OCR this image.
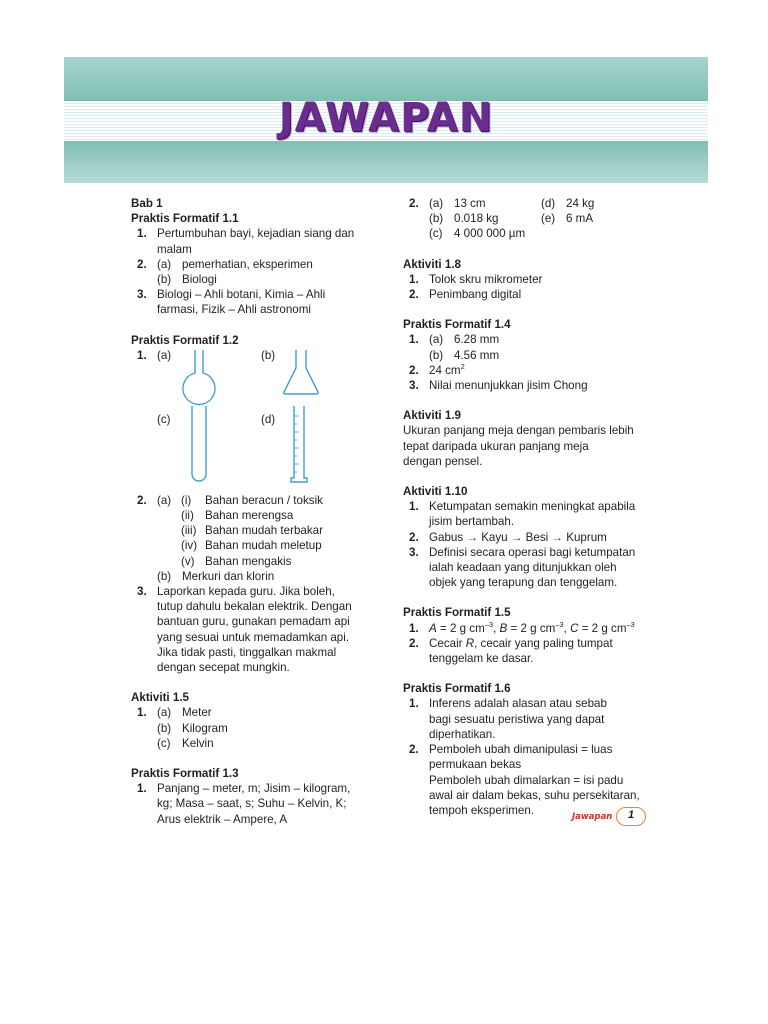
JAWAPAN
Bab 1
Praktis Formatif 1.1
1. Pertumbuhan bayi, kejadian siang dan
malam
2. (a) pemerhatian, eksperimen
(b) Biologi
3. Biologi – Ahli botani, Kimia – Ahli
farmasi, Fizik – Ahli astronomi
Praktis Formatif 1.2
1. (a)	(b)
(c)	(d)
2. (a) (i) Bahan beracun / toksik
(ii) Bahan merengsa
(iii) Bahan mudah terbakar
(iv) Bahan mudah meletup
(v) Bahan mengakis
(b) Merkuri dan klorin
3. Laporkan kepada guru. Jika boleh,
tutup dahulu bekalan elektrik. Dengan
bantuan guru, gunakan pemadam api
yang sesuai untuk memadamkan api.
Jika tidak pasti, tinggalkan makmal
dengan secepat mungkin.
Aktiviti 1.5
1. (a) Meter
(b) Kilogram
(c) Kelvin
Praktis Formatif 1.3
1. Panjang – meter, m; Jisim – kilogram,
kg; Masa – saat, s; Suhu – Kelvin, K;
Arus elektrik – Ampere, A
2. (a) 13 cm	(d) 24 kg
(b) 0.018 kg	(e) 6 mA
(c) 4 000 000 µm
Aktiviti 1.8
1. Tolok skru mikrometer
2. Penimbang digital
Praktis Formatif 1.4
1. (a) 6.28 mm
(b) 4.56 mm
2. 24 $cm^2$
3. Nilai menunjukkan jisim Chong
Aktiviti 1.9
Ukuran panjang meja dengan pembaris lebih
tepat daripada ukuran panjang meja
dengan pensel.
Aktiviti 1.10
1. Ketumpatan semakin meningkat apabila
jisim bertambah.
2. Gabus → Kayu → Besi → Kuprum
3. Definisi secara operasi bagi ketumpatan
ialah keadaan yang ditunjukkan oleh
objek yang terapung dan tenggelam.
Praktis Formatif 1.5
1. A = 2 g $cm^{-3}$, B = 2 g $cm^{-3}$, C = 2 g $cm^{-3}$
2. Cecair R, cecair yang paling tumpat
tenggelam ke dasar.
Praktis Formatif 1.6
1. Inferens adalah alasan atau sebab
bagi sesuatu peristiwa yang dapat
diperhatikan.
2. Pemboleh ubah dimanipulasi = luas
permukaan bekas
Pemboleh ubah dimalarkan = isi padu
awal air dalam bekas, suhu persekitaran,
tempoh eksperimen.
Jawapan	1
